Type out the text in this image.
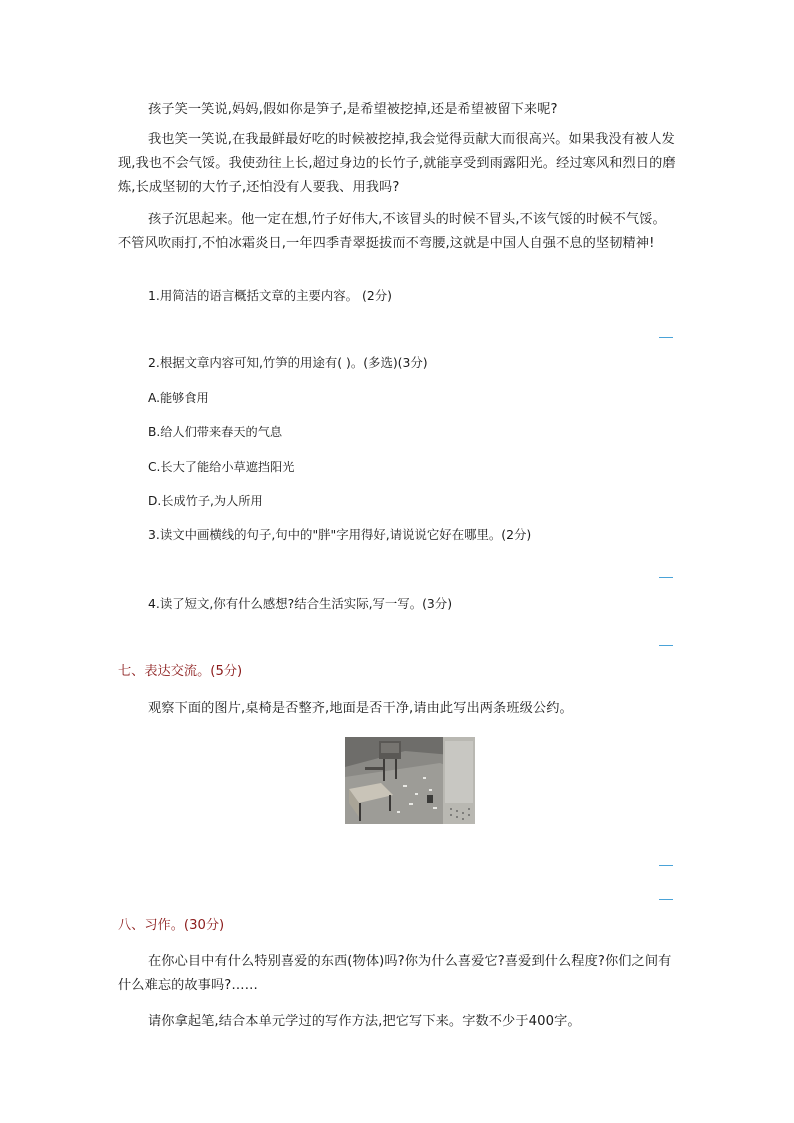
孩子笑一笑说,妈妈,假如你是笋子,是希望被挖掉,还是希望被留下来呢?
我也笑一笑说,在我最鲜最好吃的时候被挖掉,我会觉得贡献大而很高兴。如果我没有被人发现,我也不会气馁。我使劲往上长,超过身边的长竹子,就能享受到雨露阳光。经过寒风和烈日的磨炼,长成坚韧的大竹子,还怕没有人要我、用我吗?
孩子沉思起来。他一定在想,竹子好伟大,不该冒头的时候不冒头,不该气馁的时候不气馁。不管风吹雨打,不怕冰霜炎日,一年四季青翠挺拔而不弯腰,这就是中国人自强不息的坚韧精神!
1.用简洁的语言概括文章的主要内容。 (2分)
2.根据文章内容可知,竹笋的用途有( )。(多选)(3分)
A.能够食用
B.给人们带来春天的气息
C.长大了能给小草遮挡阳光
D.长成竹子,为人所用
3.读文中画横线的句子,句中的"胖"字用得好,请说说它好在哪里。(2分)
4.读了短文,你有什么感想?结合生活实际,写一写。(3分)
七、表达交流。(5分)
观察下面的图片,桌椅是否整齐,地面是否干净,请由此写出两条班级公约。
八、习作。(30分)
在你心目中有什么特别喜爱的东西(物体)吗?你为什么喜爱它?喜爱到什么程度?你们之间有什么难忘的故事吗?……
请你拿起笔,结合本单元学过的写作方法,把它写下来。字数不少于400字。
